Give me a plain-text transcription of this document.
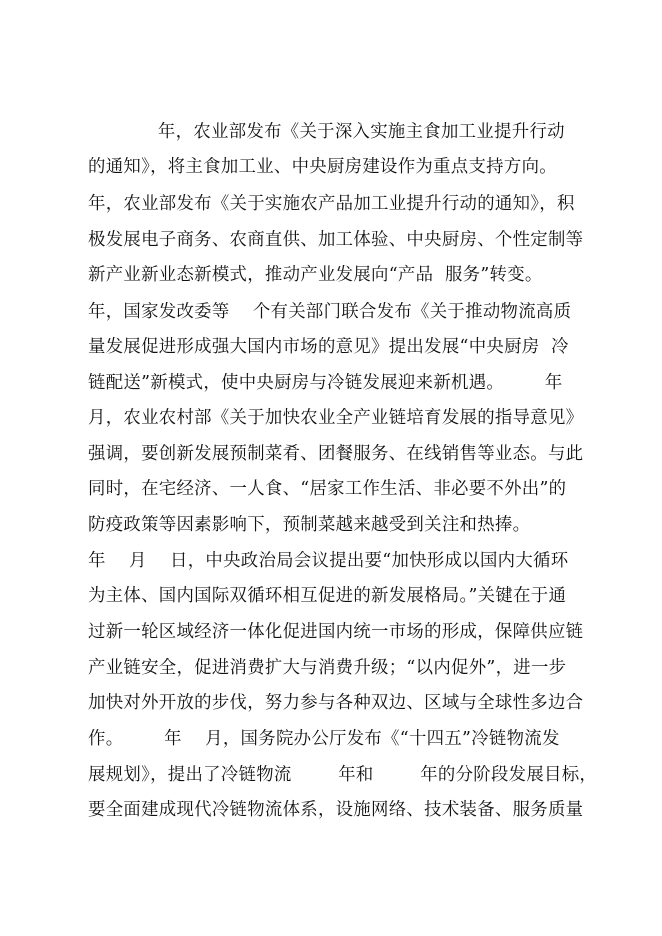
年，农业部发布《关于深入实施主食加工业提升行动
的通知》，将主食加工业、中央厨房建设作为重点支持方向。
年，农业部发布《关于实施农产品加工业提升行动的通知》，积
极发展电子商务、农商直供、加工体验、中央厨房、个性定制等
新产业新业态新模式，推动产业发展向“产品  服务”转变。
年，国家发改委等    个有关部门联合发布《关于推动物流高质
量发展促进形成强大国内市场的意见》提出发展“中央厨房  冷
链配送”新模式，使中央厨房与冷链发展迎来新机遇。       年
月，农业农村部《关于加快农业全产业链培育发展的指导意见》
强调，要创新发展预制菜肴、团餐服务、在线销售等业态。与此
同时，在宅经济、一人食、“居家工作生活、非必要不外出”的
防疫政策等因素影响下，预制菜越来越受到关注和热捧。
年    月    日，中央政治局会议提出要“加快形成以国内大循环
为主体、国内国际双循环相互促进的新发展格局。”关键在于通
过新一轮区域经济一体化促进国内统一市场的形成，保障供应链
产业链安全，促进消费扩大与消费升级；“以内促外”，进一步
加快对外开放的步伐，努力参与各种双边、区域与全球性多边合
作。       年    月，国务院办公厅发布《“十四五”冷链物流发
展规划》，提出了冷链物流        年和        年的分阶段发展目标，
要全面建成现代冷链物流体系，设施网络、技术装备、服务质量
